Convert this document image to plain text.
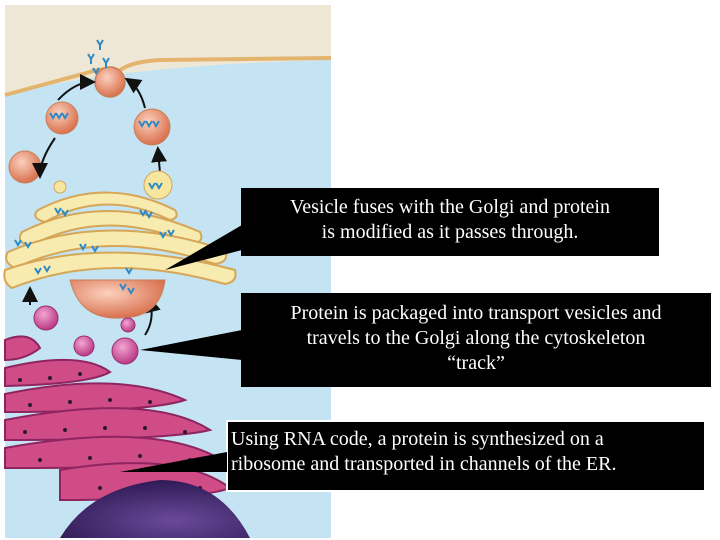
Vesicle fuses with the Golgi and protein
is modified as it passes through.
Protein is packaged into transport vesicles and
travels to the Golgi along the cytoskeleton
“track”
Using RNA code, a protein is synthesized on a
ribosome and transported in channels of the ER.
